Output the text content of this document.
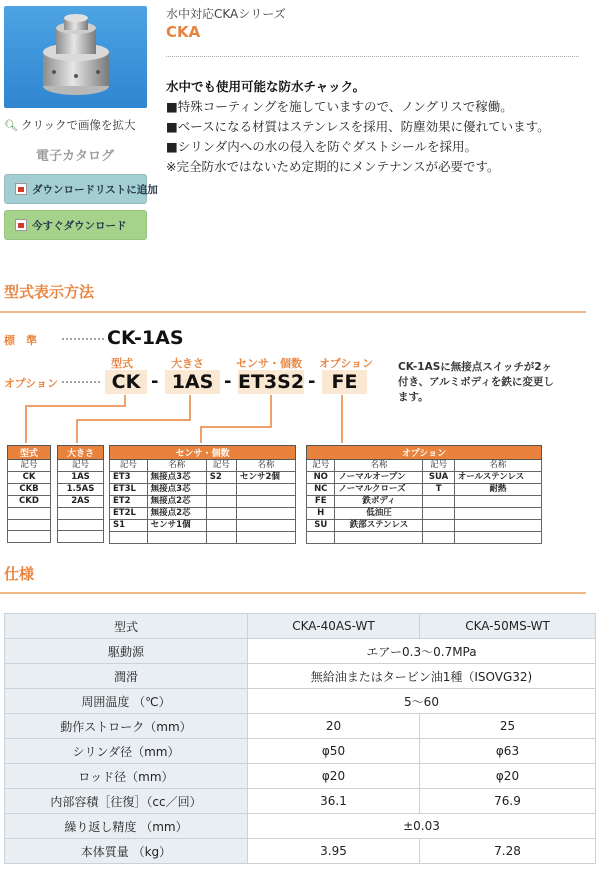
🔍︎ クリックで画像を拡大
電子カタログ
ダウンロードリストに追加
今すぐダウンロード
水中対応CKAシリーズ
CKA
水中でも使用可能な防水チャック。
■特殊コーティングを施していますので、ノングリスで稼働。
■ベースになる材質はステンレスを採用、防塵効果に優れています。
■シリンダ内への水の侵入を防ぐダストシールを採用。
※完全防水ではないため定期的にメンテナンスが必要です。
型式表示方法
標　準	CK-1AS
オプション
型式
CK -
大きさ
1AS -
センサ・個数
ET3S2 -
オプション
FE
CK-1ASに無接点スイッチが2ヶ付き、アルミボディを鉄に変更します。
型式
記号
CK
CKB
CKD

大きさ
記号
1AS
1.5AS
2AS

センサ・個数			
記号	名称	記号	名称
ET3	無接点3芯	S2	センサ2個
ET3L	無接点3芯		
ET2	無接点2芯		
ET2L	無接点2芯		
S1	センサ1個		

オプション			
記号	名称	記号	名称
NO	ノーマルオープン	SUA	オールステンレス
NC	ノーマルクローズ	T	耐熱
FE	鉄ボディ		
H	低油圧		
SU	鉄部ステンレス		

仕様
型式	CKA-40AS-WT	CKA-50MS-WT
駆動源	エアー0.3～0.7MPa	
潤滑	無給油またはタービン油1種（ISOVG32)	
周囲温度 （℃）	5～60	
動作ストローク（mm）	20	25
シリンダ径（mm）	φ50	φ63
ロッド径（mm）	φ20	φ20
内部容積［往復］（cc／回）	36.1	76.9
繰り返し精度 （mm）	±0.03	
本体質量 （kg）	3.95	7.28
